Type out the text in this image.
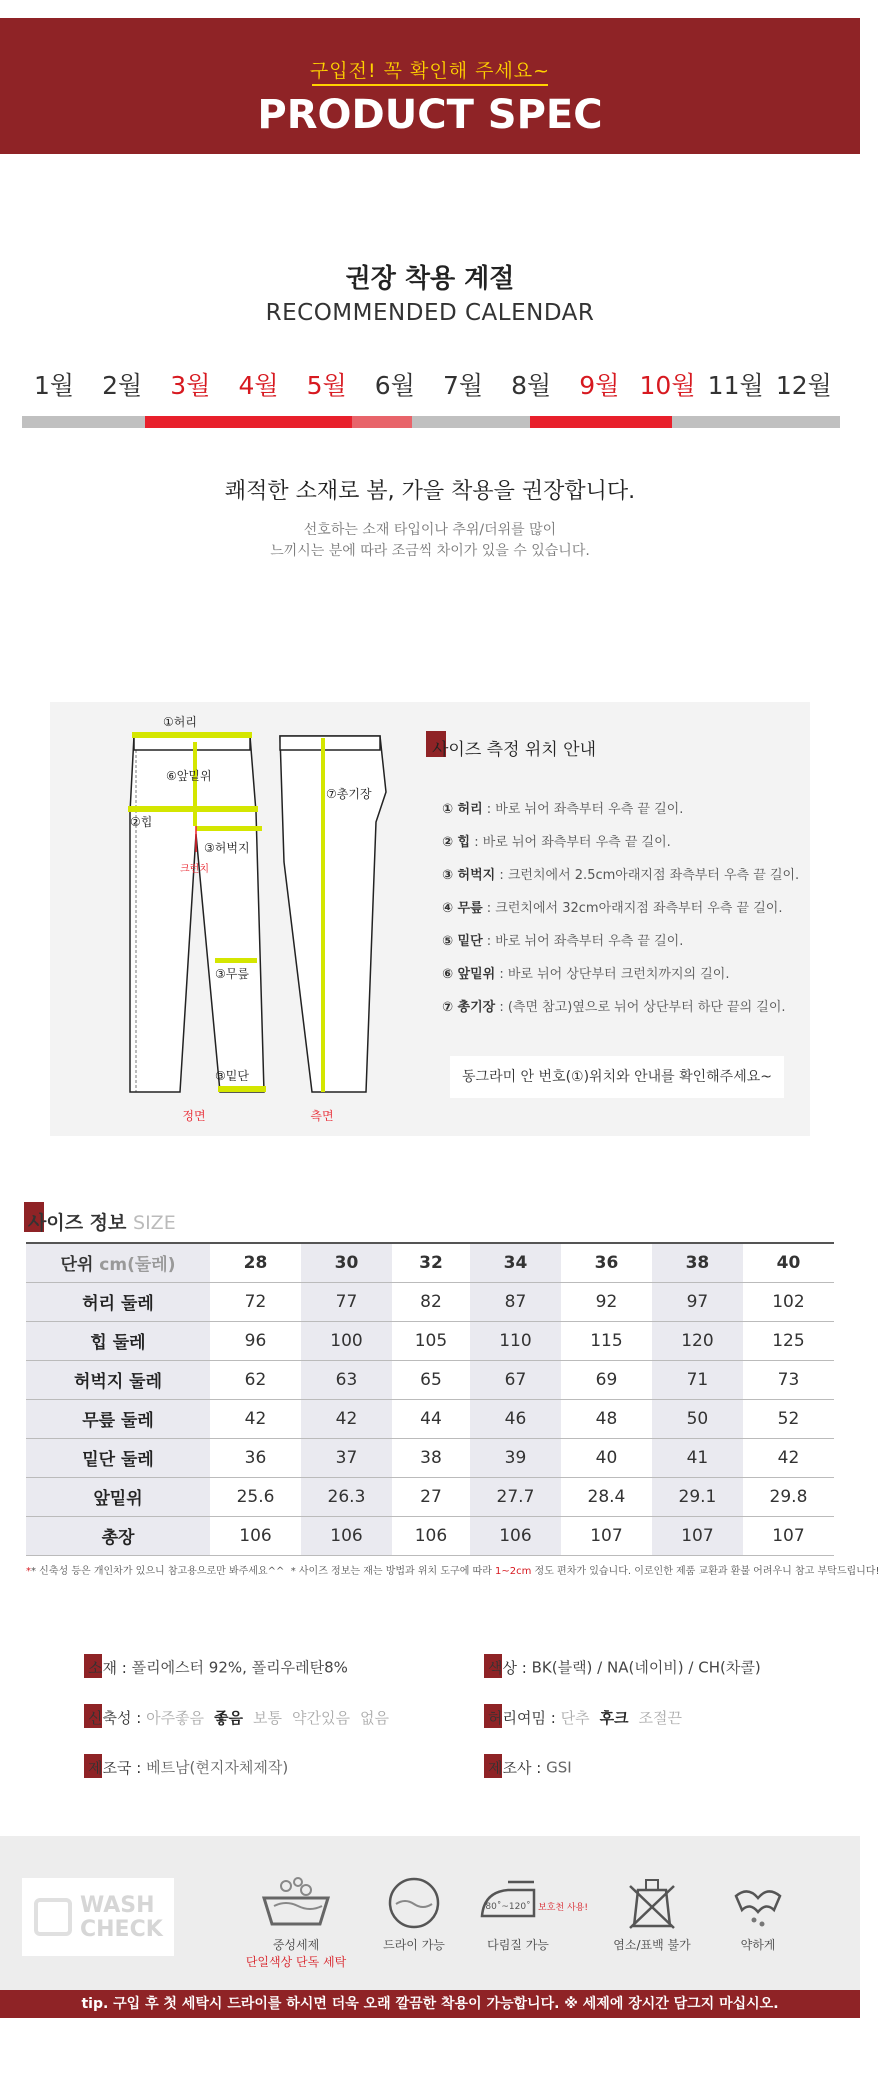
구입전! 꼭 확인해 주세요~
PRODUCT SPEC
권장 착용 계절
RECOMMENDED CALENDAR
1월	2월	3월	4월	5월	6월	7월	8월	9월 10월 11월 12월
쾌적한 소재로 봄, 가을 착용을 권장합니다.
선호하는 소재 타입이나 추위/더위를 많이
느끼시는 분에 따라 조금씩 차이가 있을 수 있습니다.
①허리
⑥앞밑위
②힙
③허벅지
크런치
③무릎
③밑단
⑦총기장
정면	측면
사이즈 측정 위치 안내
① 허리 : 바로 뉘어 좌측부터 우측 끝 길이.
② 힙 : 바로 뉘어 좌측부터 우측 끝 길이.
③ 허벅지 : 크런치에서 2.5cm아래지점 좌측부터 우측 끝 길이.
④ 무릎 : 크런치에서 32cm아래지점 좌측부터 우측 끝 길이.
⑤ 밑단 : 바로 뉘어 좌측부터 우측 끝 길이.
⑥ 앞밑위 : 바로 뉘어 상단부터 크런치까지의 길이.
⑦ 총기장 : (측면 참고)옆으로 뉘어 상단부터 하단 끝의 길이.
동그라미 안 번호(①)위치와 안내를 확인해주세요~
사이즈 정보 SIZE
단위 cm(둘레)	28	30	32	34	36	38	40
허리 둘레	72	77	82	87	92	97	102
힙 둘레	96	100	105	110	115	120	125
허벅지 둘레	62	63	65	67	69	71	73
무릎 둘레	42	42	44	46	48	50	52
밑단 둘레	36	37	38	39	40	41	42
앞밑위	25.6	26.3	27	27.7	28.4	29.1	29.8
총장	106	106	106	106	107	107	107
** 신축성 등은 개인차가 있으니 참고용으로만 봐주세요^^ * 사이즈 정보는 재는 방법과 위치 도구에 따라 1~2cm 정도 편차가 있습니다. 이로인한 제품 교환과 환불 어려우니 참고 부탁드립니다!
소재 : 폴리에스터 92%, 폴리우레탄8%	색상 : BK(블랙) / NA(네이비) / CH(차콜)
신축성 : 아주좋음 좋음 보통 약간있음 없음	허리여밈 : 단추 후크 조절끈
제조국 : 베트남(현지자체제작)	제조사 : GSI
WASH
CHECK
중성세제
단일색상 단독 세탁
드라이 가능
80˚~120˚ 보호천 사용!
다림질 가능	염소/표백 불가	약하게
tip. 구입 후 첫 세탁시 드라이를 하시면 더욱 오래 깔끔한 착용이 가능합니다. ※ 세제에 장시간 담그지 마십시오.
